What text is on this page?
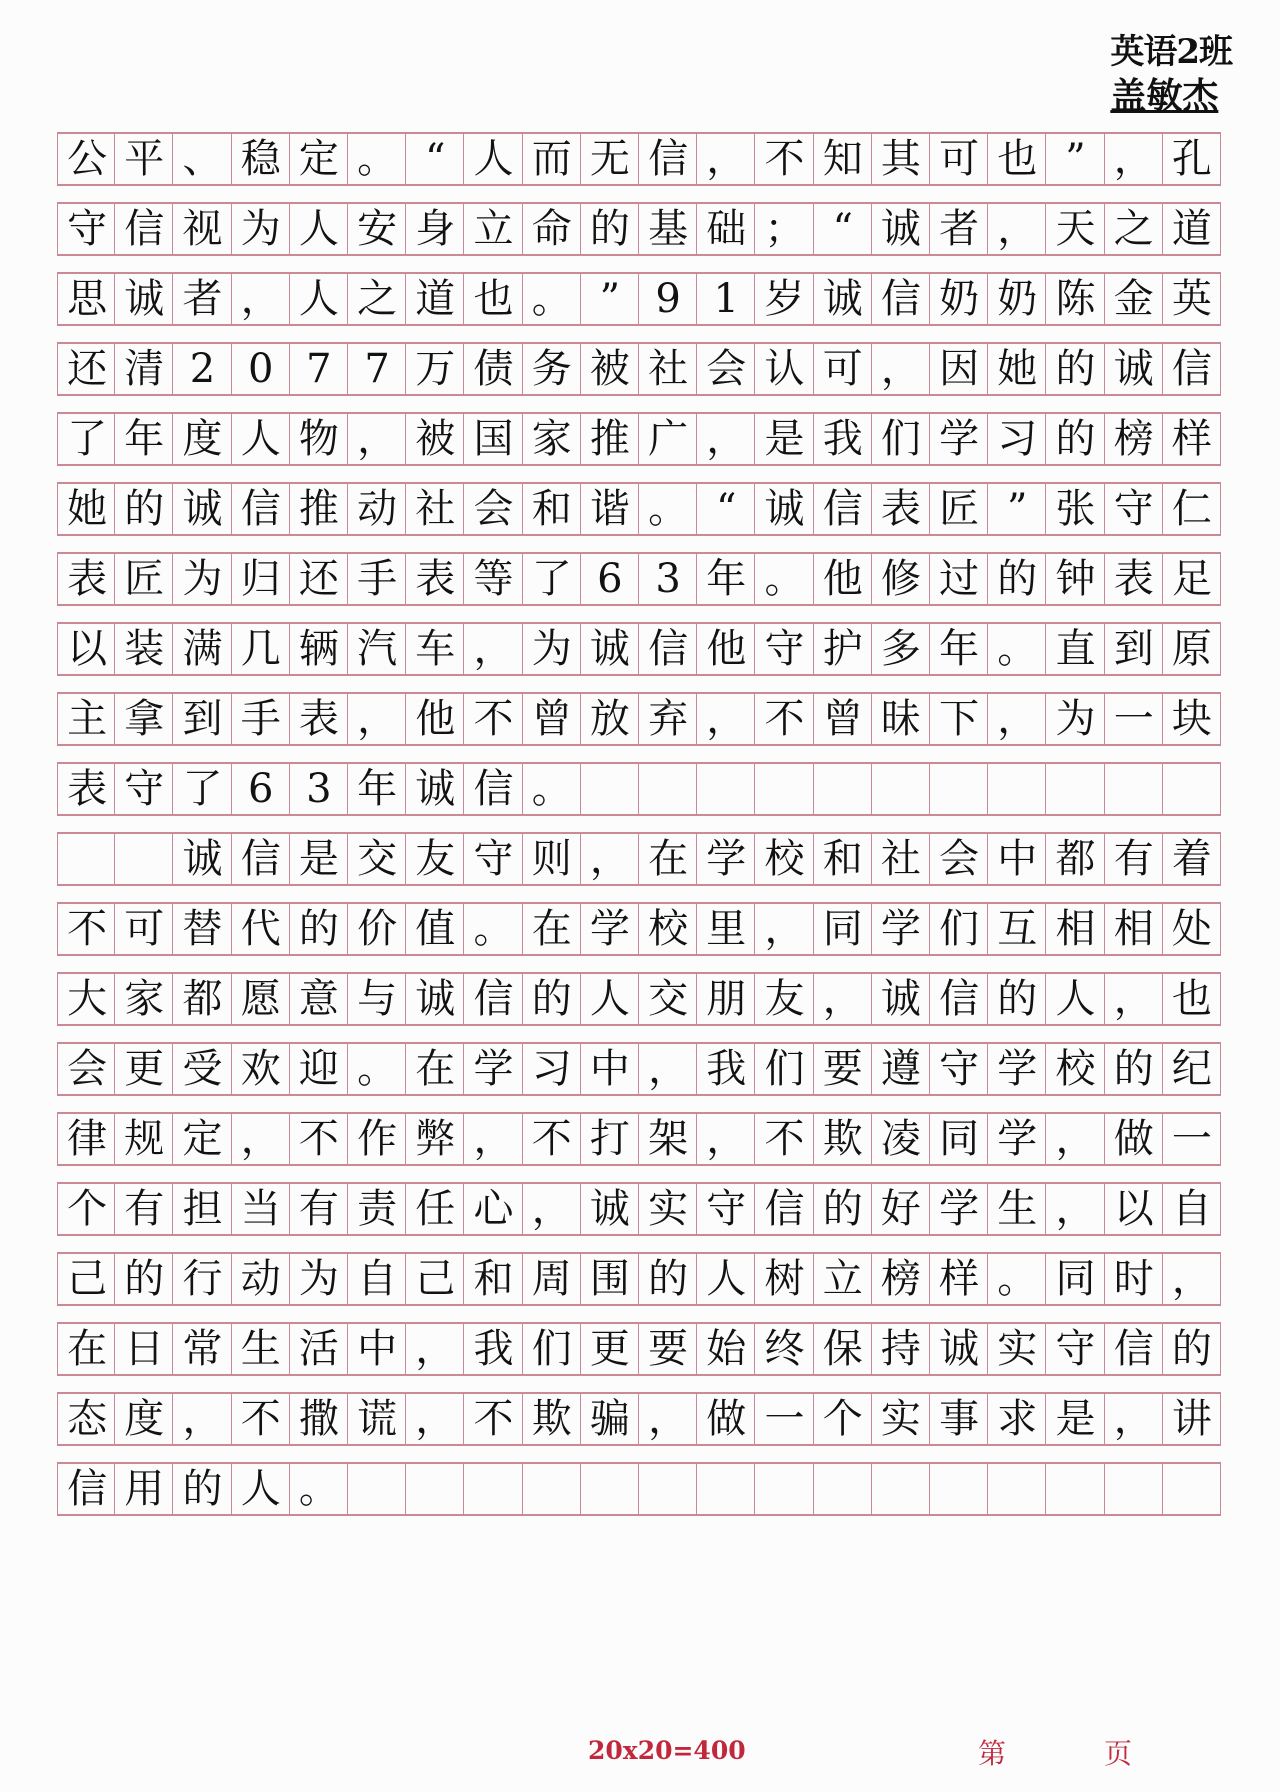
英语2班
盖敏杰
公 平 、 稳 定 。 “ 人 而 无 信 ， 不 知 其 可 也 ” ， 孔
守 信 视 为 人 安 身 立 命 的 基 础 ； “ 诚 者 ， 天 之 道
思 诚 者 ， 人 之 道 也 。 ” 9 1 岁 诚 信 奶 奶 陈 金 英
还 清 2 0 7 7 万 债 务 被 社 会 认 可 ， 因 她 的 诚 信
了 年 度 人 物 ， 被 国 家 推 广 ， 是 我 们 学 习 的 榜 样
她 的 诚 信 推 动 社 会 和 谐 。 “ 诚 信 表 匠 ” 张 守 仁
表 匠 为 归 还 手 表 等 了 6 3 年 。 他 修 过 的 钟 表 足
以 装 满 几 辆 汽 车 ， 为 诚 信 他 守 护 多 年 。 直 到 原
主 拿 到 手 表 ， 他 不 曾 放 弃 ， 不 曾 昧 下 ， 为 一 块
表 守 了 6 3 年 诚 信 。
诚 信 是 交 友 守 则 ， 在 学 校 和 社 会 中 都 有 着
不 可 替 代 的 价 值 。 在 学 校 里 ， 同 学 们 互 相 相 处
大 家 都 愿 意 与 诚 信 的 人 交 朋 友 ， 诚 信 的 人 ， 也
会 更 受 欢 迎 。 在 学 习 中 ， 我 们 要 遵 守 学 校 的 纪
律 规 定 ， 不 作 弊 ， 不 打 架 ， 不 欺 凌 同 学 ， 做 一
个 有 担 当 有 责 任 心 ， 诚 实 守 信 的 好 学 生 ， 以 自
己 的 行 动 为 自 己 和 周 围 的 人 树 立 榜 样 。 同 时 ，
在 日 常 生 活 中 ， 我 们 更 要 始 终 保 持 诚 实 守 信 的
态 度 ， 不 撒 谎 ， 不 欺 骗 ， 做 一 个 实 事 求 是 ， 讲
信 用 的 人 。
20x20=400	第	页
